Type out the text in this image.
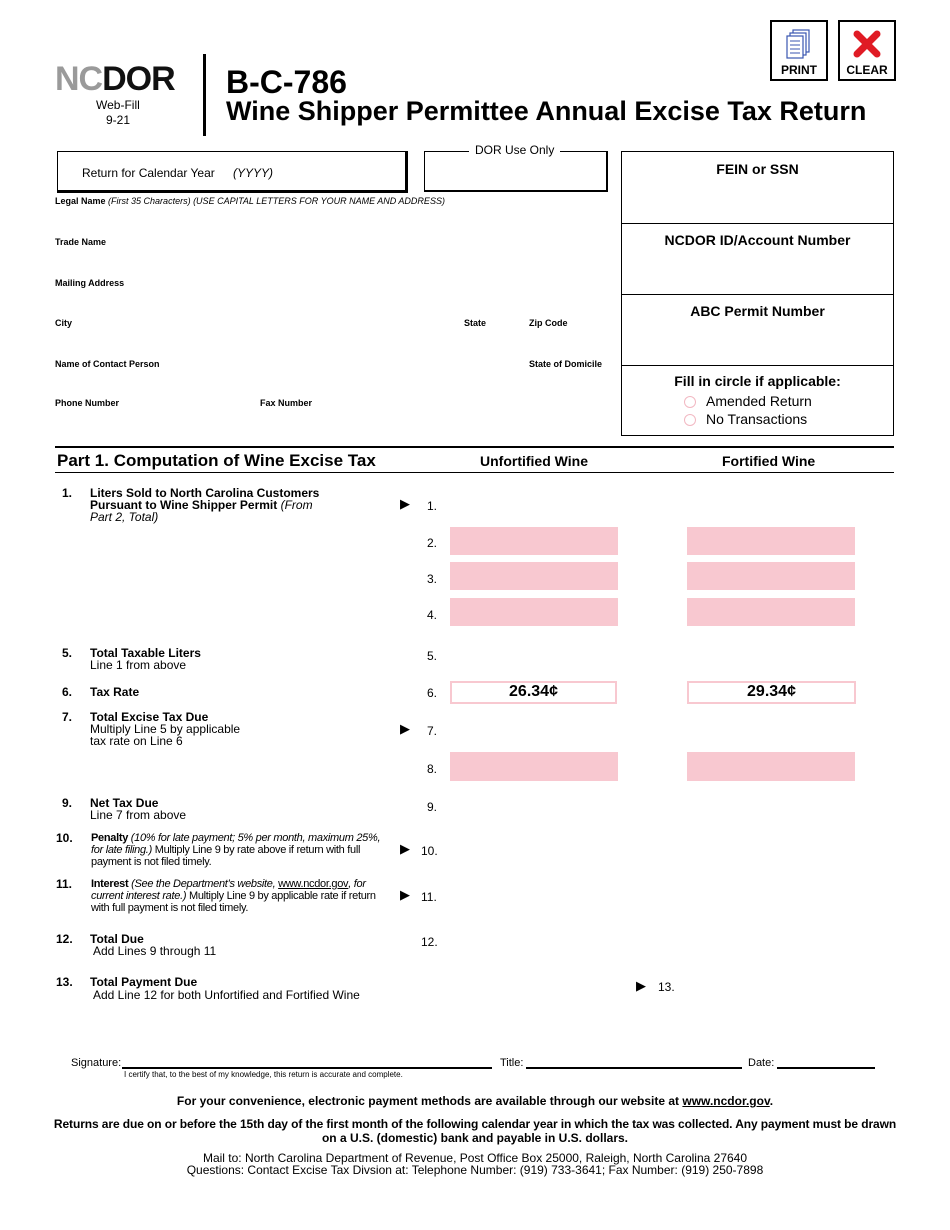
NCDOR
Web-Fill
9-21
B-C-786
Wine Shipper Permittee Annual Excise Tax Return
PRINT	CLEAR
Return for Calendar Year (YYYY)
DOR Use Only
Legal Name (First 35 Characters) (USE CAPITAL LETTERS FOR YOUR NAME AND ADDRESS)
Trade Name
Mailing Address
City	State	Zip Code
Name of Contact Person	State of Domicile
Phone Number	Fax Number
FEIN or SSN
NCDOR ID/Account Number
ABC Permit Number
Fill in circle if applicable:
Amended Return
No Transactions
Part 1. Computation of Wine Excise Tax	Unfortified Wine	Fortified Wine
1. Liters Sold to North Carolina Customers Pursuant to Wine Shipper Permit (From Part 2, Total)
▶ 1.
2.
3.
4.
5. Total Taxable Liters
Line 1 from above
5.
6. Tax Rate	6.	26.34¢	29.34¢
7. Total Excise Tax Due
Multiply Line 5 by applicable
tax rate on Line 6
▶ 7.
8.
9. Net Tax Due
Line 7 from above
9.
10. Penalty (10% for late payment; 5% per month, maximum 25%, for late filing.) Multiply Line 9 by rate above if return with full payment is not filed timely.
▶ 10.
11. Interest (See the Department’s website, www.ncdor.gov, for current interest rate.) Multiply Line 9 by applicable rate if return with full payment is not filed timely.
▶ 11.
12. Total Due
Add Lines 9 through 11
12.
13. Total Payment Due
Add Line 12 for both Unfortified and Fortified Wine
▶ 13.
Signature:	Title:	Date:
I certify that, to the best of my knowledge, this return is accurate and complete.
For your convenience, electronic payment methods are available through our website at www.ncdor.gov.
Returns are due on or before the 15th day of the first month of the following calendar year in which the tax was collected. Any payment must be drawn
on a U.S. (domestic) bank and payable in U.S. dollars.
Mail to: North Carolina Department of Revenue, Post Office Box 25000, Raleigh, North Carolina 27640
Questions: Contact Excise Tax Divsion at: Telephone Number: (919) 733-3641; Fax Number: (919) 250-7898
